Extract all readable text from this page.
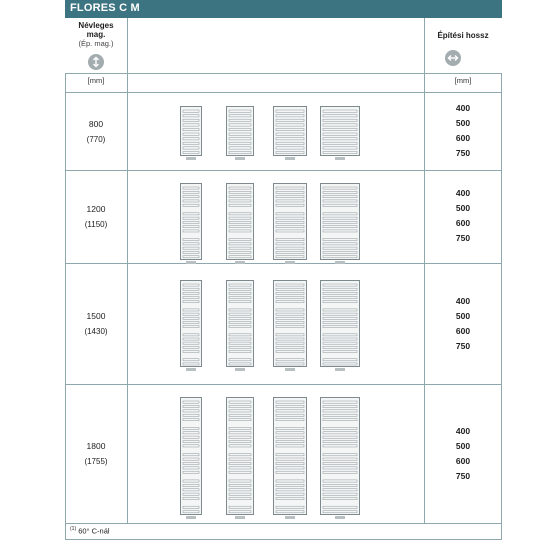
FLORES C M
Névleges
mag.
(Ép. mag.)
Építési hossz
[mm]	[mm]
800
(770)
400
500
600
750
1200
(1150)
400
500
600
750
1500
(1430)
400
500
600
750
1800
(1755)
400
500
600
750
$^{(1)}$ 60° C-nál
